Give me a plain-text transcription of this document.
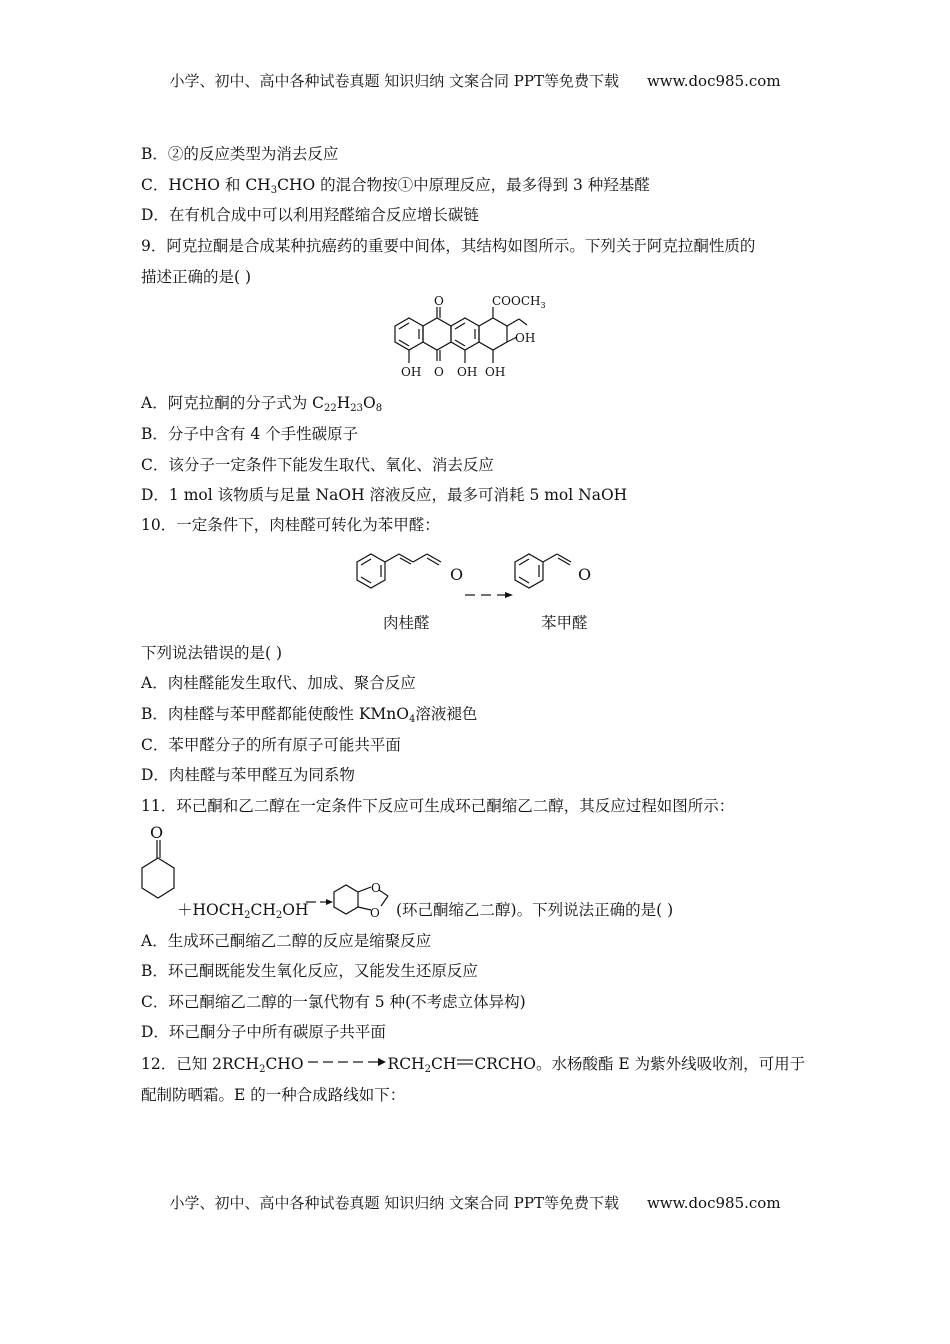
小学、初中、高中各种试卷真题 知识归纳 文案合同 PPT等免费下载 www.doc985.com
B．②的反应类型为消去反应
C．HCHO 和 $CH_3CHO$ 的混合物按①中原理反应，最多得到 3 种羟基醛
D．在有机合成中可以利用羟醛缩合反应增长碳链
9．阿克拉酮是合成某种抗癌药的重要中间体，其结构如图所示。下列关于阿克拉酮性质的
描述正确的是( )
O	$COOCH_3$
OH
OH O OH OH
A．阿克拉酮的分子式为 $C_{22}H_{23}O_8$
B．分子中含有 4 个手性碳原子
C．该分子一定条件下能发生取代、氧化、消去反应
D．1 mol 该物质与足量 NaOH 溶液反应，最多可消耗 5 mol NaOH
10．一定条件下，肉桂醛可转化为苯甲醛：
O	O
肉桂醛	苯甲醛
下列说法错误的是( )
A．肉桂醛能发生取代、加成、聚合反应
B．肉桂醛与苯甲醛都能使酸性 KMnO$_4$溶液褪色
C．苯甲醛分子的所有原子可能共平面
D．肉桂醛与苯甲醛互为同系物
11．环己酮和乙二醇在一定条件下反应可生成环己酮缩乙二醇，其反应过程如图所示：
O
O
O
$+HOCH_2CH_2OH$	(环己酮缩乙二醇)。下列说法正确的是( )
A．生成环己酮缩乙二醇的反应是缩聚反应
B．环己酮既能发生氧化反应，又能发生还原反应
C．环己酮缩乙二醇的一氯代物有 5 种(不考虑立体异构)
D．环己酮分子中所有碳原子共平面
12．已知 $2RCH_2CHO$	$RCH_2CH$ CRCHO。水杨酸酯 E 为紫外线吸收剂，可用于
配制防晒霜。E 的一种合成路线如下：
小学、初中、高中各种试卷真题 知识归纳 文案合同 PPT等免费下载 www.doc985.com
